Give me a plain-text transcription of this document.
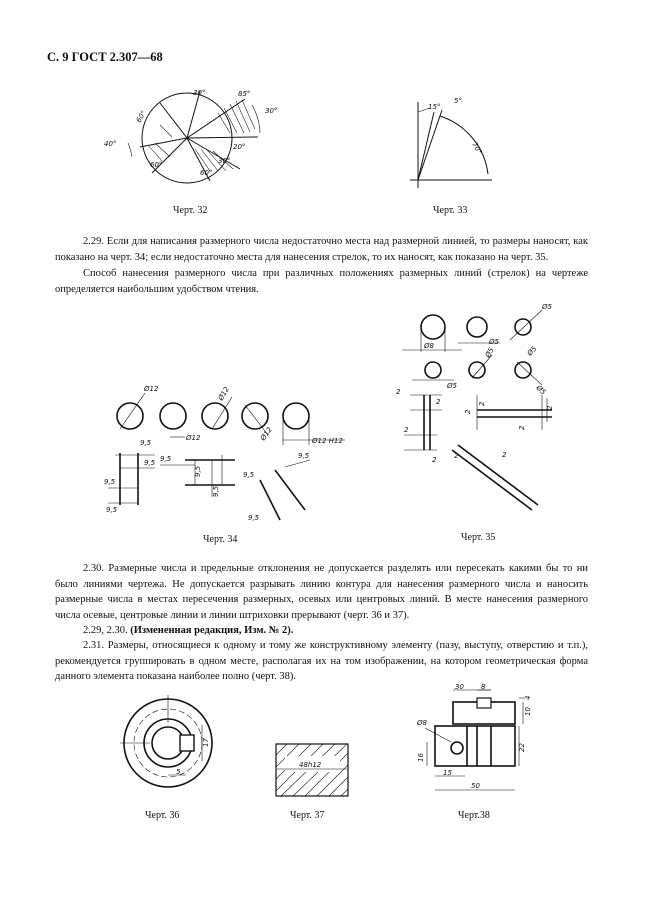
С. 9 ГОСТ 2.307—68
40°
60°
30°
60°
85°
30°
20°
60°
30°
Черт. 32
15°
5°
70°
Черт. 33

2.29. Если для написания размерного числа недостаточно места над размерной линией, то размеры наносят, как показано на черт. 34; если недостаточно места для нанесения стрелок, то их наносят, как показано на черт. 35.

Способ нанесения размерного числа при различных положениях размерных линий (стрелок) на чертеже определяется наибольшим удобством чтения.

Ø12
Ø12
Ø12
Ø12	Ø12 H12
9,5
9,5
9,5
9,5
9,5
9,5
9,5
9,5
9,5
9,5
Черт. 34
Ø5
Ø8	Ø5
Ø5	Ø5
Ø5	Ø5
2
2
2
2
2
2
2
2
2	2
Черт. 35

2.30. Размерные числа и предельные отклонения не допускается разделять или пересекать какими бы то ни было линиями чертежа. Не допускается разрывать линию контура для нанесения размерного числа и наносить размерные числа в местах пересечения размерных, осевых или центровых линий. В месте нанесения размерного числа осевые, центровые линии и линии штриховки прерывают (черт. 36 и 37).

2.29, 2.30. (Измененная редакция, Изм. № 2).

2.31. Размеры, относящиеся к одному и тому же конструктивному элементу (пазу, выступу, отверстию и т.п.), рекомендуется группировать в одном месте, располагая их на том изображении, на котором геометрическая форма данного элемента показана наиболее полно (черт. 38).

17
5
Черт. 36
48h12
Черт. 37
30 8
4
10
Ø8
16
22
15
50
Черт.38
